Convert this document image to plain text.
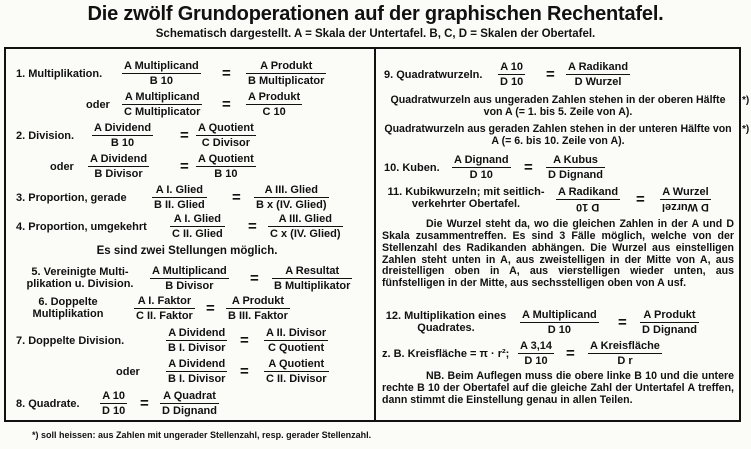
Die zwölf Grundoperationen auf der graphischen Rechentafel.
Schematisch dargestellt. A = Skala der Untertafel. B, C, D = Skalen der Obertafel.
1. Multiplikation.
A Multiplicand
B 10	=	A Produkt
B Multiplicator
oder
A Multiplicand
C Multiplicator = A Produkt
C 10
2. Division.
A Dividend
B 10	= A Quotient
C Divisor
oder
A Dividend
B Divisor = A Quotient
B 10
3. Proportion, gerade
A I. Glied
B II. Glied = A III. Glied
B x (IV. Glied)
4. Proportion, umgekehrt
A I. Glied
C II. Glied = A III. Glied
C x (IV. Glied)
Es sind zwei Stellungen möglich.
5. Vereinigte Multi-
plikation u. Division.
A Multiplicand
B Divisor = A Resultat
B Multiplikator
6. Doppelte
Multiplikation
A I. Faktor
C II. Faktor = A Produkt
B III. Faktor
7. Doppelte Division.
A Dividend
B I. Divisor = A II. Divisor
C Quotient
oder
A Dividend
B I. Divisor = A Quotient
C II. Divisor
8. Quadrate.
A 10
D 10 = A Quadrat
D Dignand
9. Quadratwurzeln.
A 10
D 10 = A Radikand
D Wurzel
Quadratwurzeln aus ungeraden Zahlen stehen in der oberen Hälfte von A (= 1. bis 5. Zeile von A).
*)
Quadratwurzeln aus geraden Zahlen stehen in der unteren Hälfte von A (= 6. bis 10. Zeile von A).
*)
10. Kuben.
A Dignand
D 10 = A Kubus
D Dignand
11. Kubikwurzeln; mit seitlich-
verkehrter Obertafel.
A Radikand
D 10 = A Wurzel
D Wurzel
Die Wurzel steht da, wo die gleichen Zahlen in der A und D Skala zusammentreffen. Es sind 3 Fälle möglich, welche von der Stellenzahl des Radikanden abhängen. Die Wurzel aus einstelligen Zahlen steht unten in A, aus zweistelligen in der Mitte von A, aus dreistelligen oben in A, aus vierstelligen wieder unten, aus fünfstelligen in der Mitte, aus sechsstelligen oben von A usf.
12. Multiplikation eines
Quadrates.
A Multiplicand
D 10	= A Produkt
D Dignand
z. B. Kreisfläche = π · r²;
A 3,14
D 10 = A Kreisfläche
D r
NB. Beim Auflegen muss die obere linke B 10 und die untere rechte B 10 der Obertafel auf die gleiche Zahl der Untertafel A treffen, dann stimmt die Einstellung genau in allen Teilen.
*) soll heissen: aus Zahlen mit ungerader Stellenzahl, resp. gerader Stellenzahl.
